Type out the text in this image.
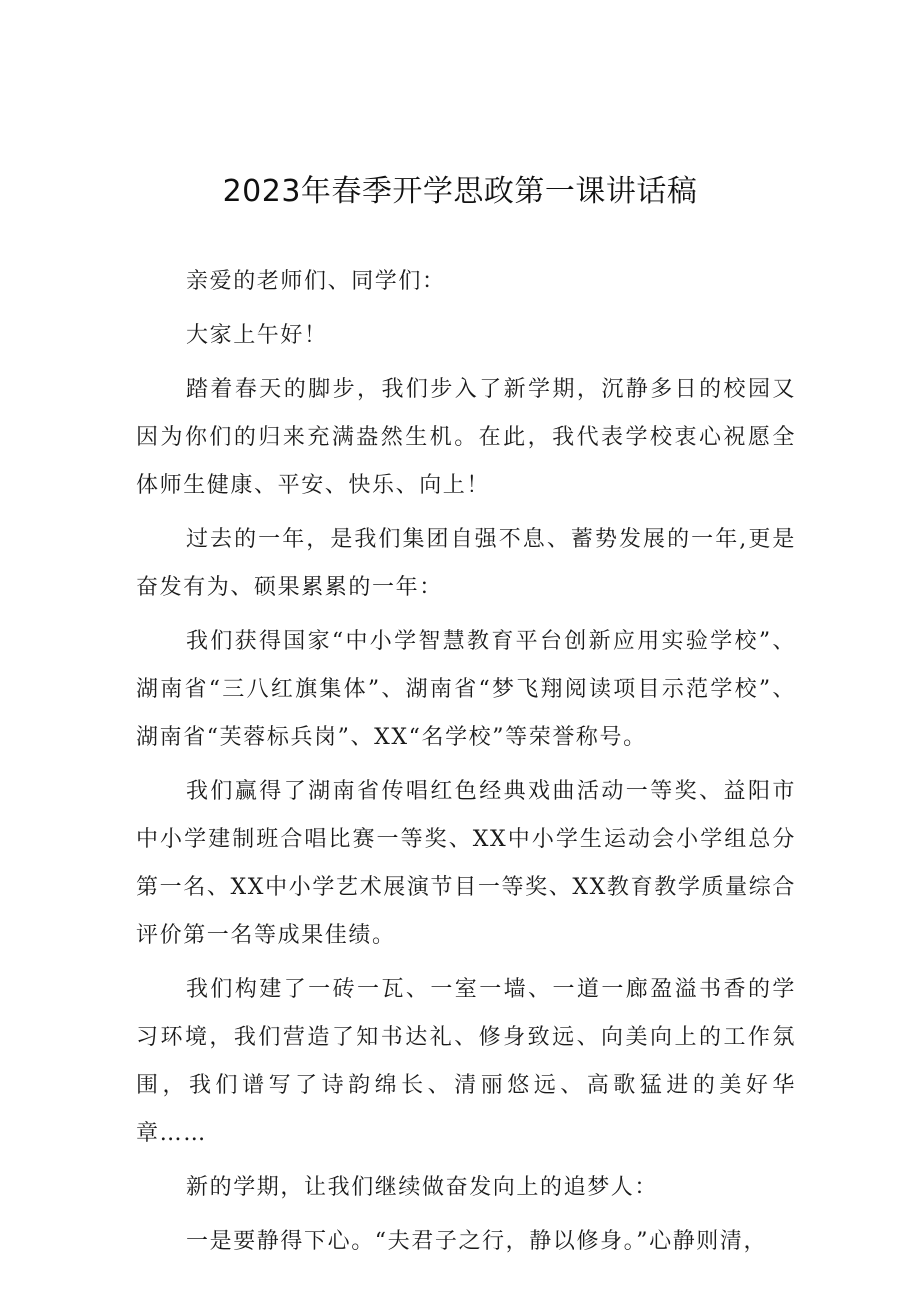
2023年春季开学思政第一课讲话稿

亲爱的老师们、同学们：

大家上午好！

踏着春天的脚步，我们步入了新学期，沉静多日的校园又因为你们的归来充满盎然生机。在此，我代表学校衷心祝愿全体师生健康、平安、快乐、向上！

过去的一年，是我们集团自强不息、蓄势发展的一年,更是奋发有为、硕果累累的一年：

我们获得国家“中小学智慧教育平台创新应用实验学校”、湖南省“三八红旗集体”、湖南省“梦飞翔阅读项目示范学校”、湖南省“芙蓉标兵岗”、XX“名学校”等荣誉称号。

我们赢得了湖南省传唱红色经典戏曲活动一等奖、益阳市中小学建制班合唱比赛一等奖、XX中小学生运动会小学组总分第一名、XX中小学艺术展演节目一等奖、XX教育教学质量综合评价第一名等成果佳绩。

我们构建了一砖一瓦、一室一墙、一道一廊盈溢书香的学习环境，我们营造了知书达礼、修身致远、向美向上的工作氛围，我们谱写了诗韵绵长、清丽悠远、高歌猛进的美好华章……

新的学期，让我们继续做奋发向上的追梦人：

一是要静得下心。“夫君子之行，静以修身。”心静则清，
